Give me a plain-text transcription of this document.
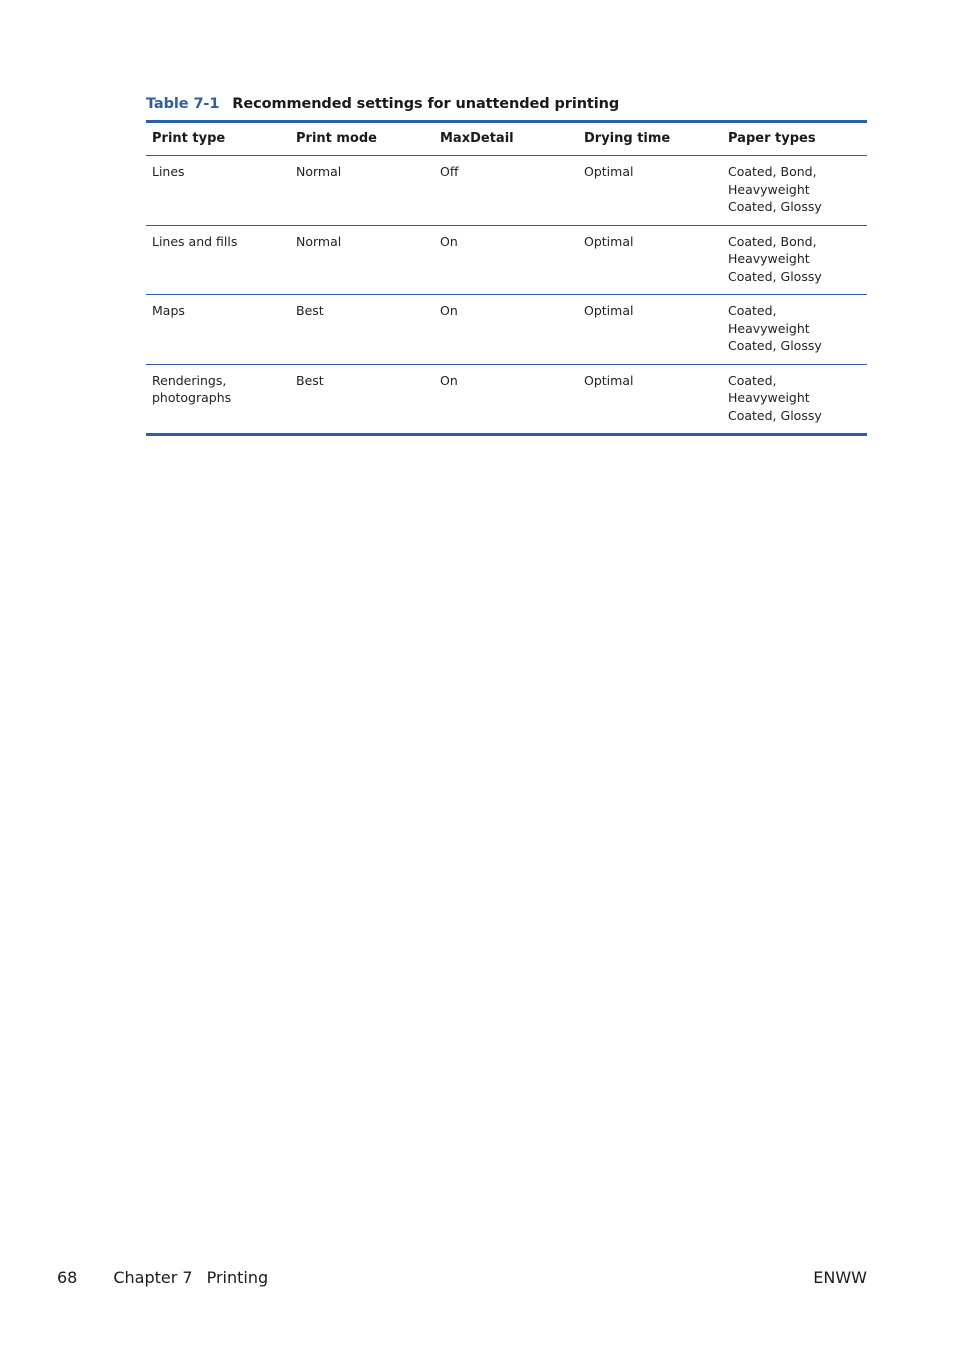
Table 7-1 Recommended settings for unattended printing
Print type	Print mode	MaxDetail	Drying time	Paper types
Lines	Normal	Off	Optimal	Coated, Bond, Heavyweight Coated, Glossy
Lines and fills	Normal	On	Optimal	Coated, Bond, Heavyweight Coated, Glossy
Maps	Best	On	Optimal	Coated, Heavyweight Coated, Glossy
Renderings, photographs	Best	On	Optimal	Coated, Heavyweight Coated, Glossy
68 Chapter 7 Printing	ENWW
